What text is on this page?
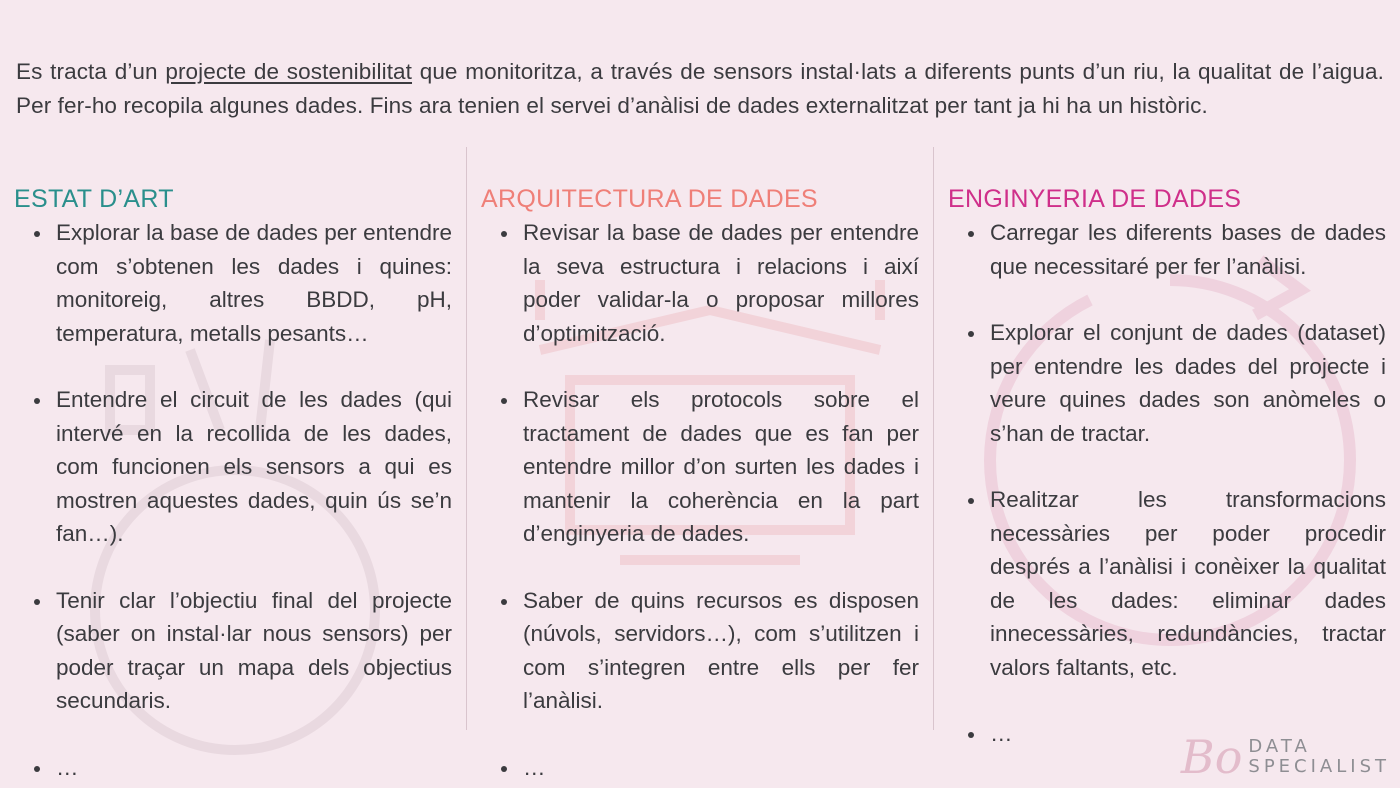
Es tracta d’un projecte de sostenibilitat que monitoritza, a través de sensors instal·lats a diferents punts d’un riu, la qualitat de l’aigua. Per fer-ho recopila algunes dades. Fins ara tenien el servei d’anàlisi de dades externalitzat per tant ja hi ha un històric.

ESTAT D’ART
Explorar la base de dades per entendre com s’obtenen les dades i quines: monitoreig, altres BBDD, pH, temperatura, metalls pesants…
Entendre el circuit de les dades (qui intervé en la recollida de les dades, com funcionen els sensors a qui es mostren aquestes dades, quin ús se’n fan…).
Tenir clar l’objectiu final del projecte (saber on instal·lar nous sensors) per poder traçar un mapa dels objectius secundaris.
…
ARQUITECTURA DE DADES
Revisar la base de dades per entendre la seva estructura i relacions i així poder validar-la o proposar millores d’optimització.
Revisar els protocols sobre el tractament de dades que es fan per entendre millor d’on surten les dades i mantenir la coherència en la part d’enginyeria de dades.
Saber de quins recursos es disposen (núvols, servidors…), com s’utilitzen i com s’integren entre ells per fer l’anàlisi.
…
ENGINYERIA DE DADES
Carregar les diferents bases de dades que necessitaré per fer l’anàlisi.
Explorar el conjunt de dades (dataset) per entendre les dades del projecte i veure quines dades son anòmeles o s’han de tractar.
Realitzar les transformacions necessàries per poder procedir després a l’anàlisi i conèixer la qualitat de les dades: eliminar dades innecessàries, redundàncies, tractar valors faltants, etc.
…	Bo DATA
SPECIALIST
